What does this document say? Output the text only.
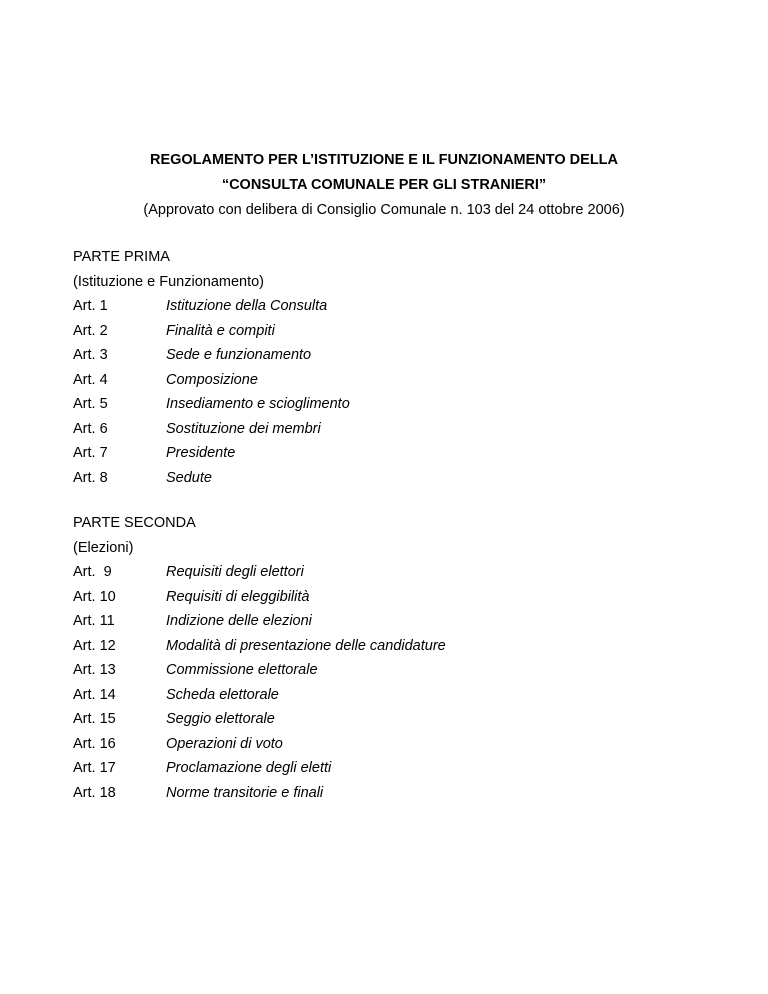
REGOLAMENTO PER L’ISTITUZIONE E IL FUNZIONAMENTO DELLA
“CONSULTA COMUNALE PER GLI STRANIERI”
(Approvato con delibera di Consiglio Comunale n. 103 del 24 ottobre 2006)
PARTE PRIMA
(Istituzione e Funzionamento)
Art. 1	Istituzione della Consulta
Art. 2	Finalità e compiti
Art. 3	Sede e funzionamento
Art. 4	Composizione
Art. 5	Insediamento e scioglimento
Art. 6	Sostituzione dei membri
Art. 7	Presidente
Art. 8	Sedute
PARTE SECONDA
(Elezioni)
Art.  9	Requisiti degli elettori
Art. 10	Requisiti di eleggibilità
Art. 11	Indizione delle elezioni
Art. 12	Modalità di presentazione delle candidature
Art. 13	Commissione elettorale
Art. 14	Scheda elettorale
Art. 15	Seggio elettorale
Art. 16	Operazioni di voto
Art. 17	Proclamazione degli eletti
Art. 18	Norme transitorie e finali
